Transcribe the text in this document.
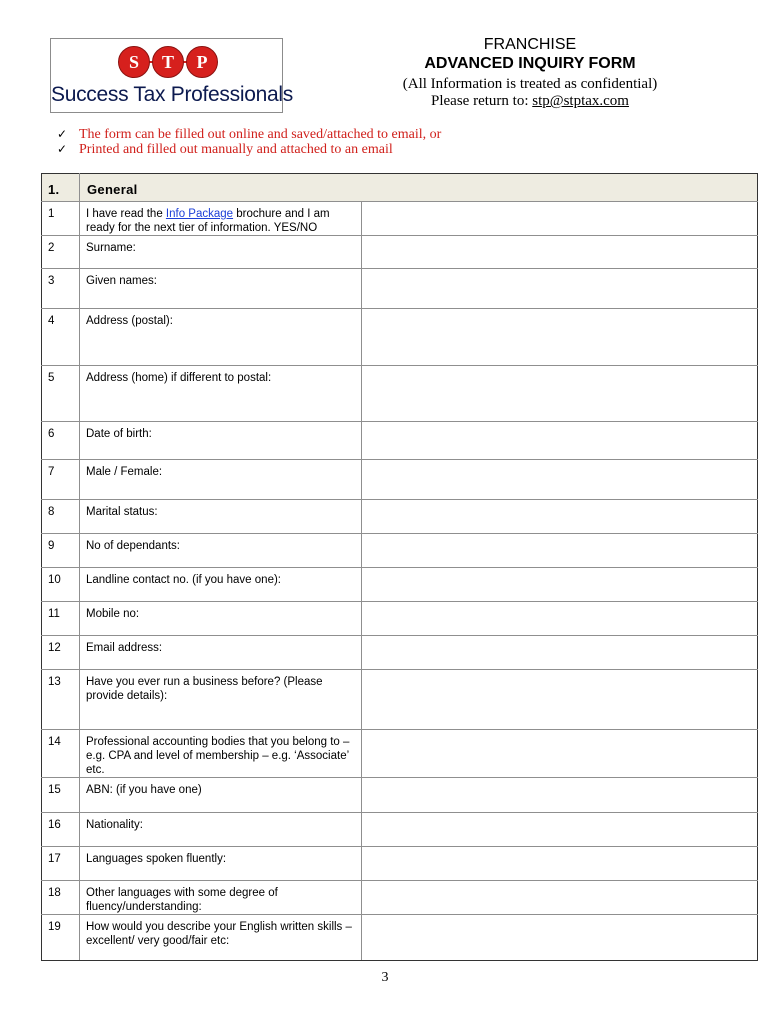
S	T	P
Success Tax Professionals
FRANCHISE
ADVANCED INQUIRY FORM
(All Information is treated as confidential)
Please return to: stp@stptax.com
✓ The form can be filled out online and saved/attached to email, or
✓ Printed and filled out manually and attached to an email
1.	General	
1	I have read the Info Package brochure and I am ready for the next tier of information. YES/NO	
2	Surname:	
3	Given names:	
4	Address (postal):	
5	Address (home) if different to postal:	
6	Date of birth:	
7	Male / Female:	
8	Marital status:	
9	No of dependants:	
10	Landline contact no. (if you have one):	
11	Mobile no:	
12	Email address:	
13	Have you ever run a business before? (Please provide details):	
14	Professional accounting bodies that you belong to – e.g. CPA and level of membership – e.g. ‘Associate’ etc.	
15	ABN: (if you have one)	
16	Nationality:	
17	Languages spoken fluently:	
18	Other languages with some degree of fluency/understanding:	
19	How would you describe your English written skills – excellent/ very good/fair etc:	
3
